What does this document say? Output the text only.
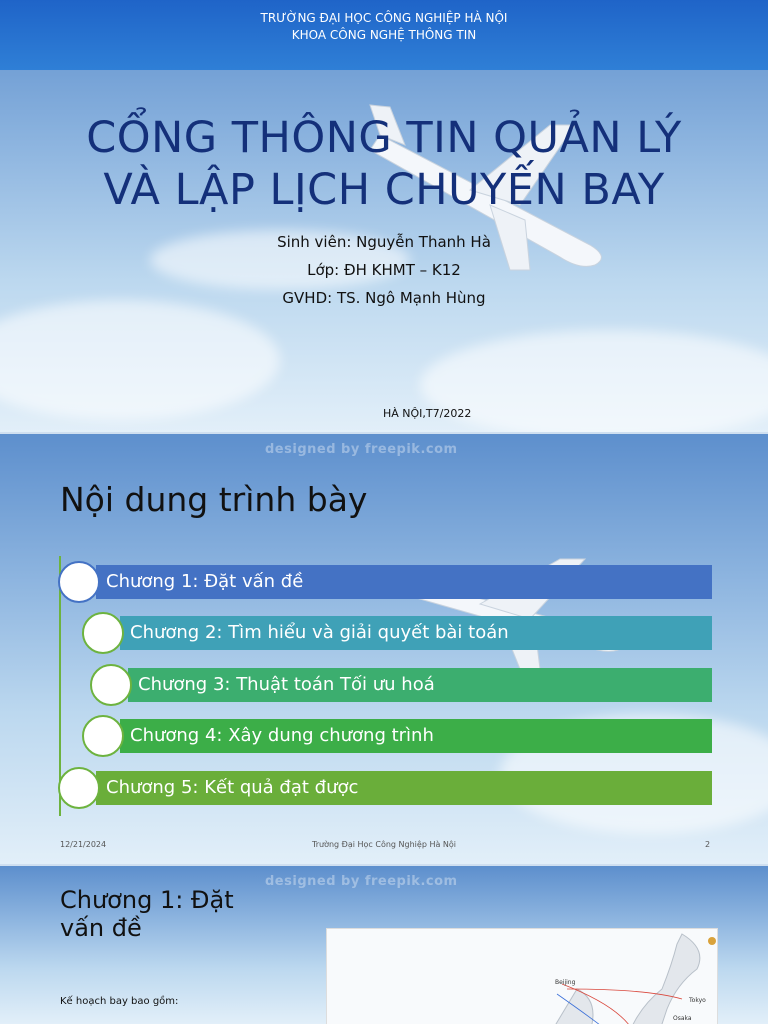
TRƯỜNG ĐẠI HỌC CÔNG NGHIỆP HÀ NỘI
KHOA CÔNG NGHỆ THÔNG TIN
CỔNG THÔNG TIN QUẢN LÝ
VÀ LẬP LỊCH CHUYẾN BAY
Sinh viên: Nguyễn Thanh Hà
Lớp: ĐH KHMT – K12
GVHD: TS. Ngô Mạnh Hùng
HÀ NỘI,T7/2022
designed by freepik.com
Nội dung trình bày
Chương 1: Đặt vấn đề
Chương 2: Tìm hiểu và giải quyết bài toán
Chương 3: Thuật toán Tối ưu hoá
Chương 4: Xây dung chương trình
Chương 5: Kết quả đạt được
12/21/2024	Trường Đại Học Công Nghiệp Hà Nội	2
designed by freepik.com
Chương 1: Đặt vấn đề
Kế hoạch bay bao gồm:
Beijing
Tokyo
Osaka
